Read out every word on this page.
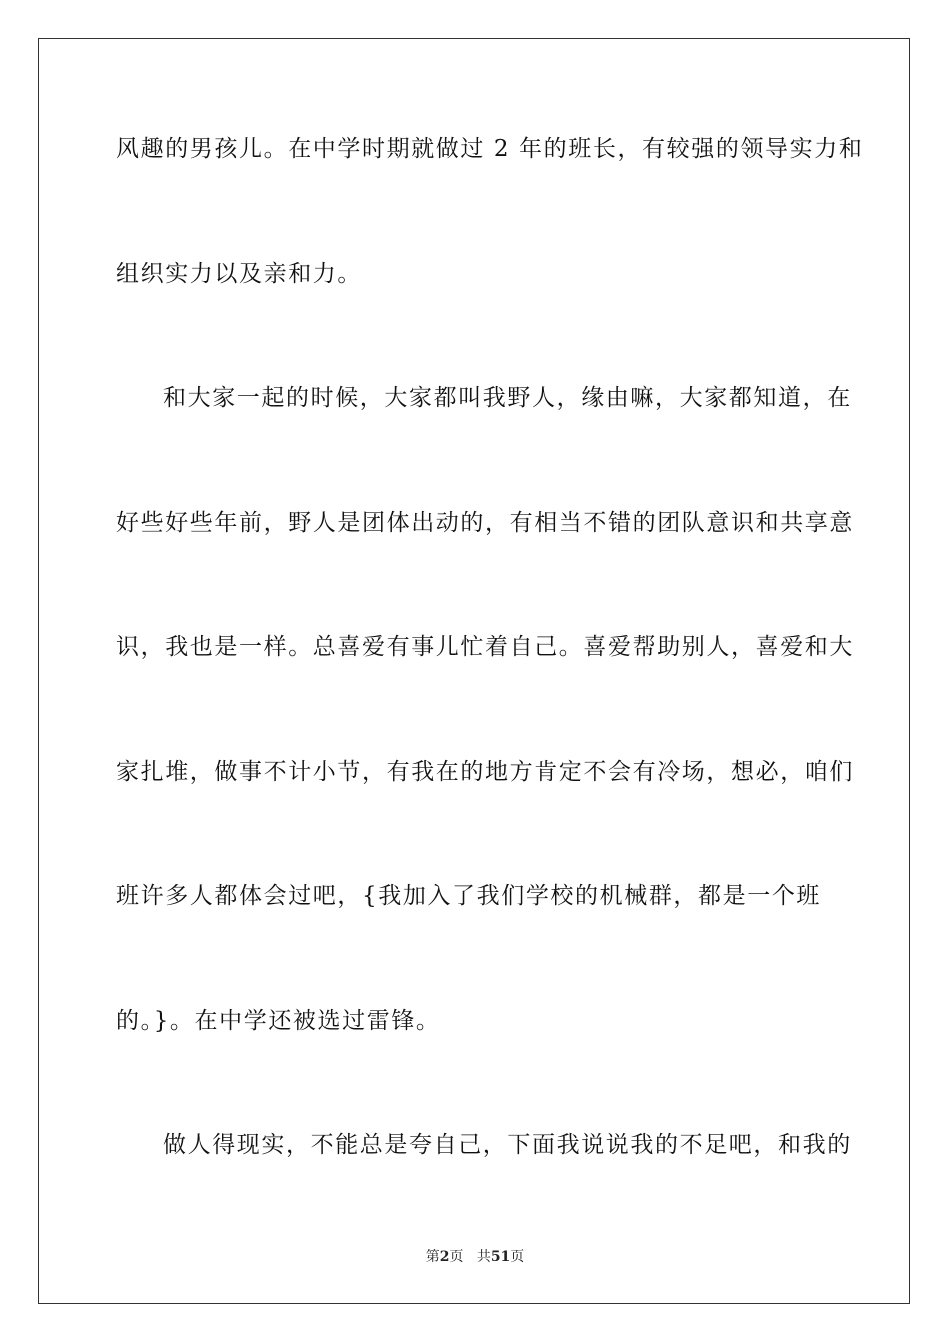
风趣的男孩儿。在中学时期就做过 2 年的班长，有较强的领导实力和
组织实力以及亲和力。
和大家一起的时候，大家都叫我野人，缘由嘛，大家都知道，在
好些好些年前，野人是团体出动的，有相当不错的团队意识和共享意
识，我也是一样。总喜爱有事儿忙着自己。喜爱帮助别人，喜爱和大
家扎堆，做事不计小节，有我在的地方肯定不会有冷场，想必，咱们
班许多人都体会过吧，{我加入了我们学校的机械群，都是一个班
的。}。在中学还被选过雷锋。
做人得现实，不能总是夸自己，下面我说说我的不足吧，和我的
第2页 共51页
